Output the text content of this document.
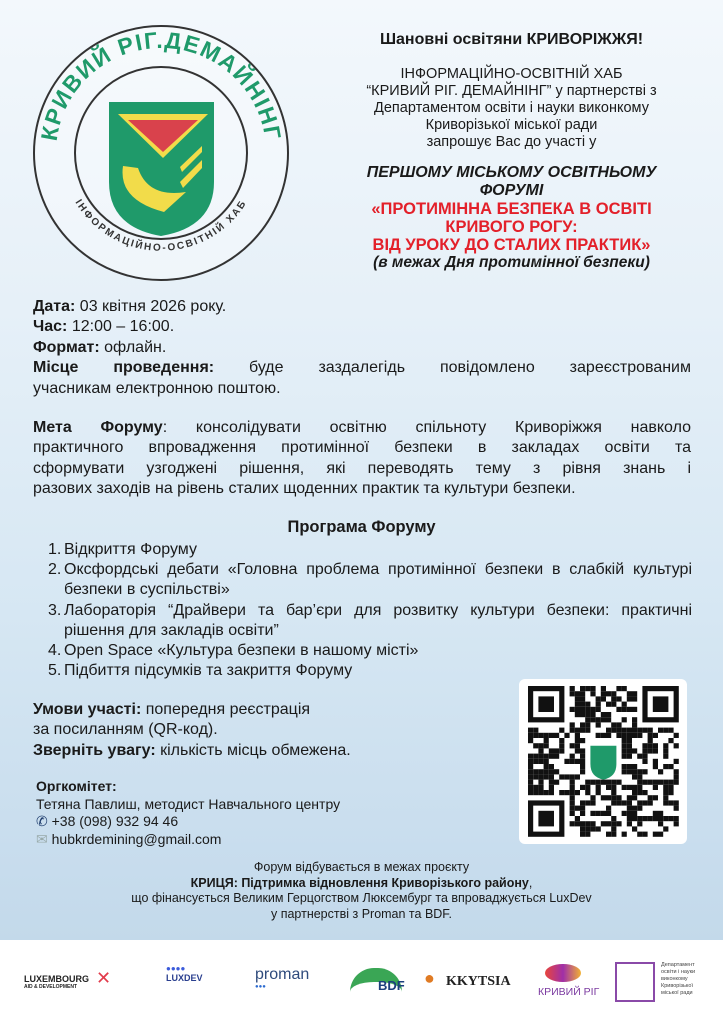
КРИВИЙ РІГ.ДЕМАЙНІНГ
ІНФОРМАЦІЙНО-ОСВІТНІЙ ХАБ
Шановні освітяни КРИВОРІЖЖЯ!
ІНФОРМАЦІЙНО-ОСВІТНІЙ ХАБ
“КРИВИЙ РІГ. ДЕМАЙНІНГ” у партнерстві з
Департаментом освіти і науки виконкому
Криворізької міської ради
запрошує Вас до участі у
ПЕРШОМУ МІСЬКОМУ ОСВІТНЬОМУ
ФОРУМІ
«ПРОТИМІННА БЕЗПЕКА В ОСВІТІ
КРИВОГО РОГУ:
ВІД УРОКУ ДО СТАЛИХ ПРАКТИК»
(в межах Дня протимінної безпеки)
Дата: 03 квітня 2026 року.
Час: 12:00 – 16:00.
Формат: офлайн.
Місце проведення: буде заздалегідь повідомлено зареєстрованим
учасникам електронною поштою.
Мета Форуму: консолідувати освітню спільноту Криворіжжя навколо
практичного впровадження протимінної безпеки в закладах освіти та
сформувати узгоджені рішення, які переводять тему з рівня знань і
разових заходів на рівень сталих щоденних практик та культури безпеки.
Програма Форуму
1. Відкриття Форуму
2. Оксфордські дебати «Головна проблема протимінної безпеки в слабкій культурі безпеки в суспільстві»
3. Лабораторія “Драйвери та бар’єри для розвитку культури безпеки: практичні рішення для закладів освіти”
4. Open Space «Культура безпеки в нашому місті»
5. Підбиття підсумків та закриття Форуму
Умови участі: попередня реєстрація
за посиланням (QR-код).
Зверніть увагу: кількість місць обмежена.
Оргкомітет:
Тетяна Павлиш, методист Навчального центру
✆ +38 (098) 932 94 46
✉ hubkrdemining@gmail.com
Форум відбувається в межах проєкту
КРИЦЯ: Підтримка відновлення Криворізького району,
що фінансується Великим Герцогством Люксембург та впроваджується LuxDev
у партнерстві з Proman та BDF.
LUXEMBOURG
AID & DEVELOPMENT	✕	●●●●
LUXDEV	proman
●●●	BDF ● KKYTSIA
КРИВИЙ РІГ
Департамент
освіти і науки
виконкому
Криворізької
міської ради
